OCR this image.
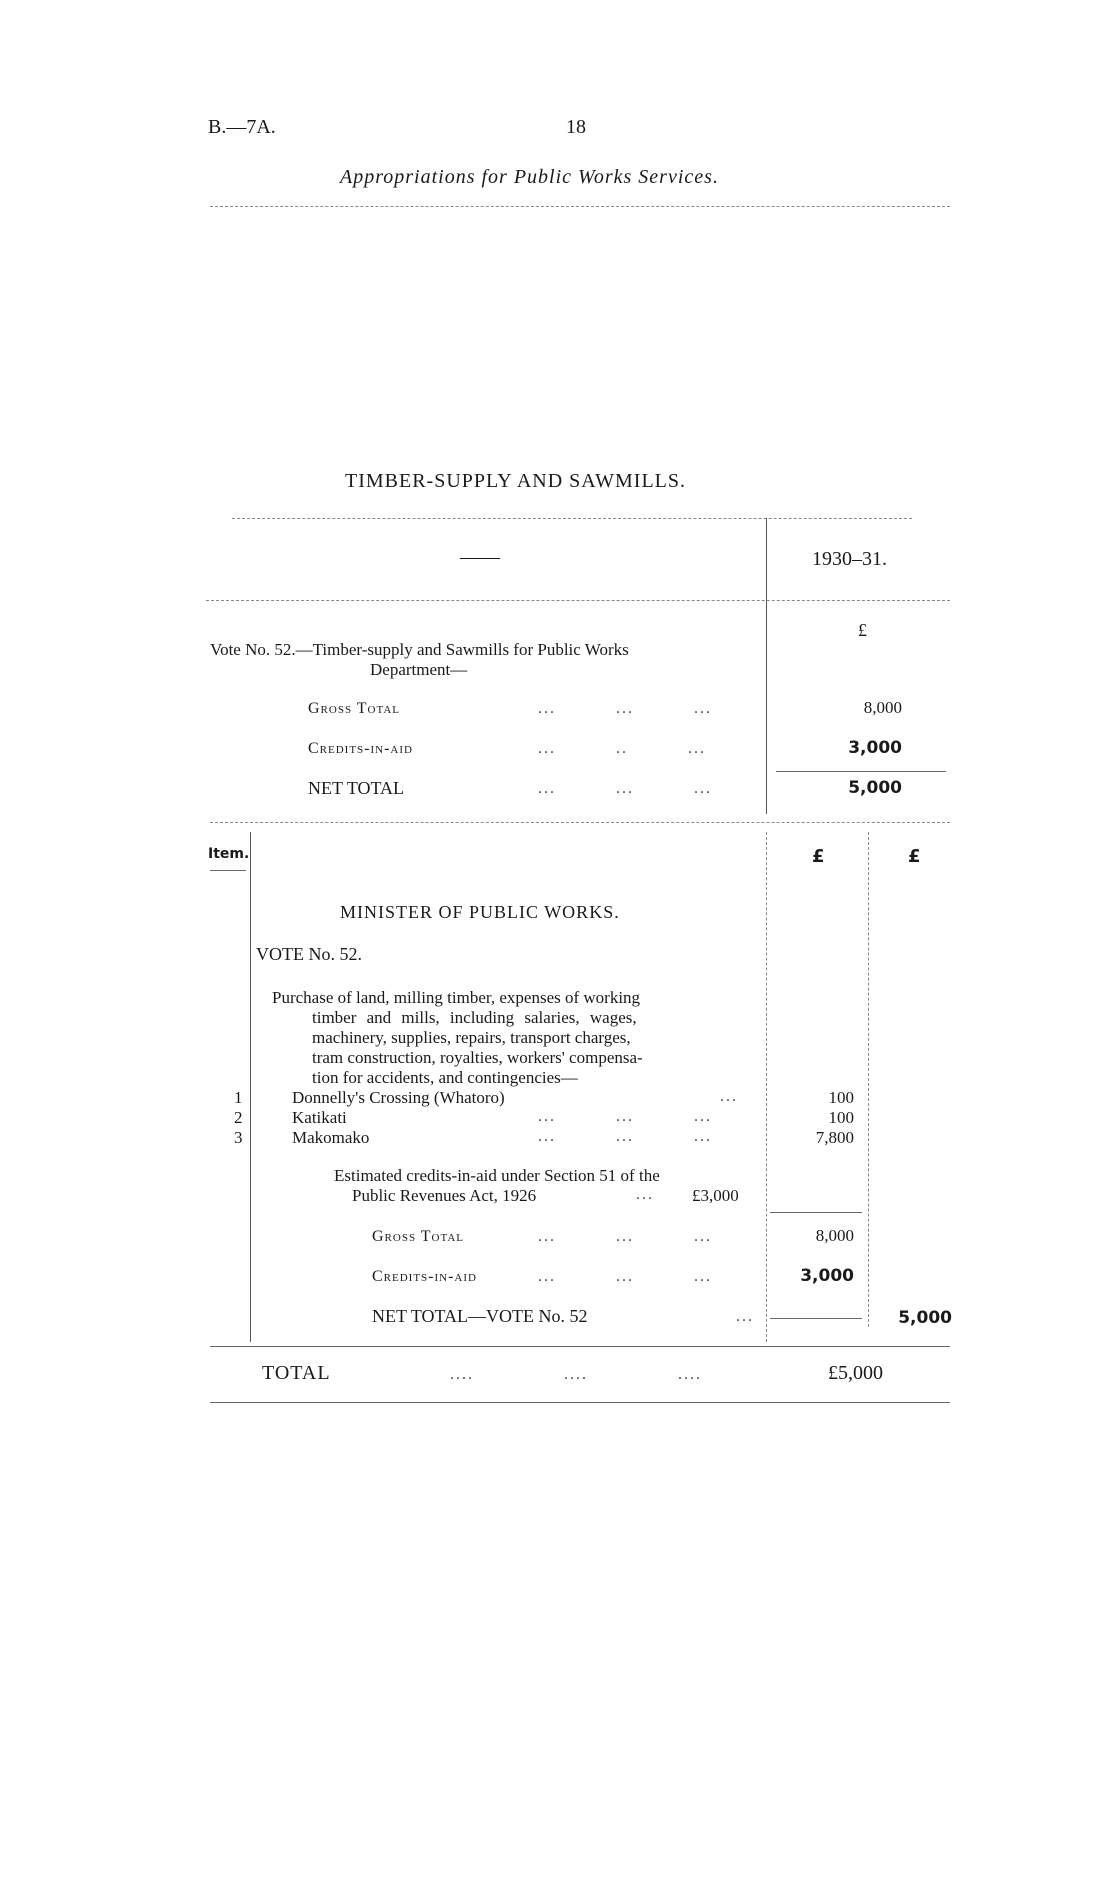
B.—7A.	18
Appropriations for Public Works Services.
TIMBER-SUPPLY AND SAWMILLS.
——	1930–31.
£
Vote No. 52.—Timber-supply and Sawmills for Public Works
Department—
Gross Total	...          ...          ...	8,000
Credits-in-aid	...          ..          ...	3,000
NET TOTAL	...          ...          ...	5,000
Item.	£	£
MINISTER OF PUBLIC WORKS.
VOTE No. 52.
Purchase of land, milling timber, expenses of working
timber and mills, including salaries, wages,
machinery, supplies, repairs, transport charges,
tram construction, royalties, workers' compensa-
tion for accidents, and contingencies—
1	Donnelly's Crossing (Whatoro)	...	100
2	Katikati	...          ...          ...	100
3	Makomako	...          ...          ...	7,800
Estimated credits-in-aid under Section 51 of the
Public Revenues Act, 1926	... £3,000
Gross Total	...          ...          ...	8,000
Credits-in-aid	...          ...          ...	3,000
NET TOTAL—VOTE No. 52	...	5,000
TOTAL	....               ....               ....	£5,000
